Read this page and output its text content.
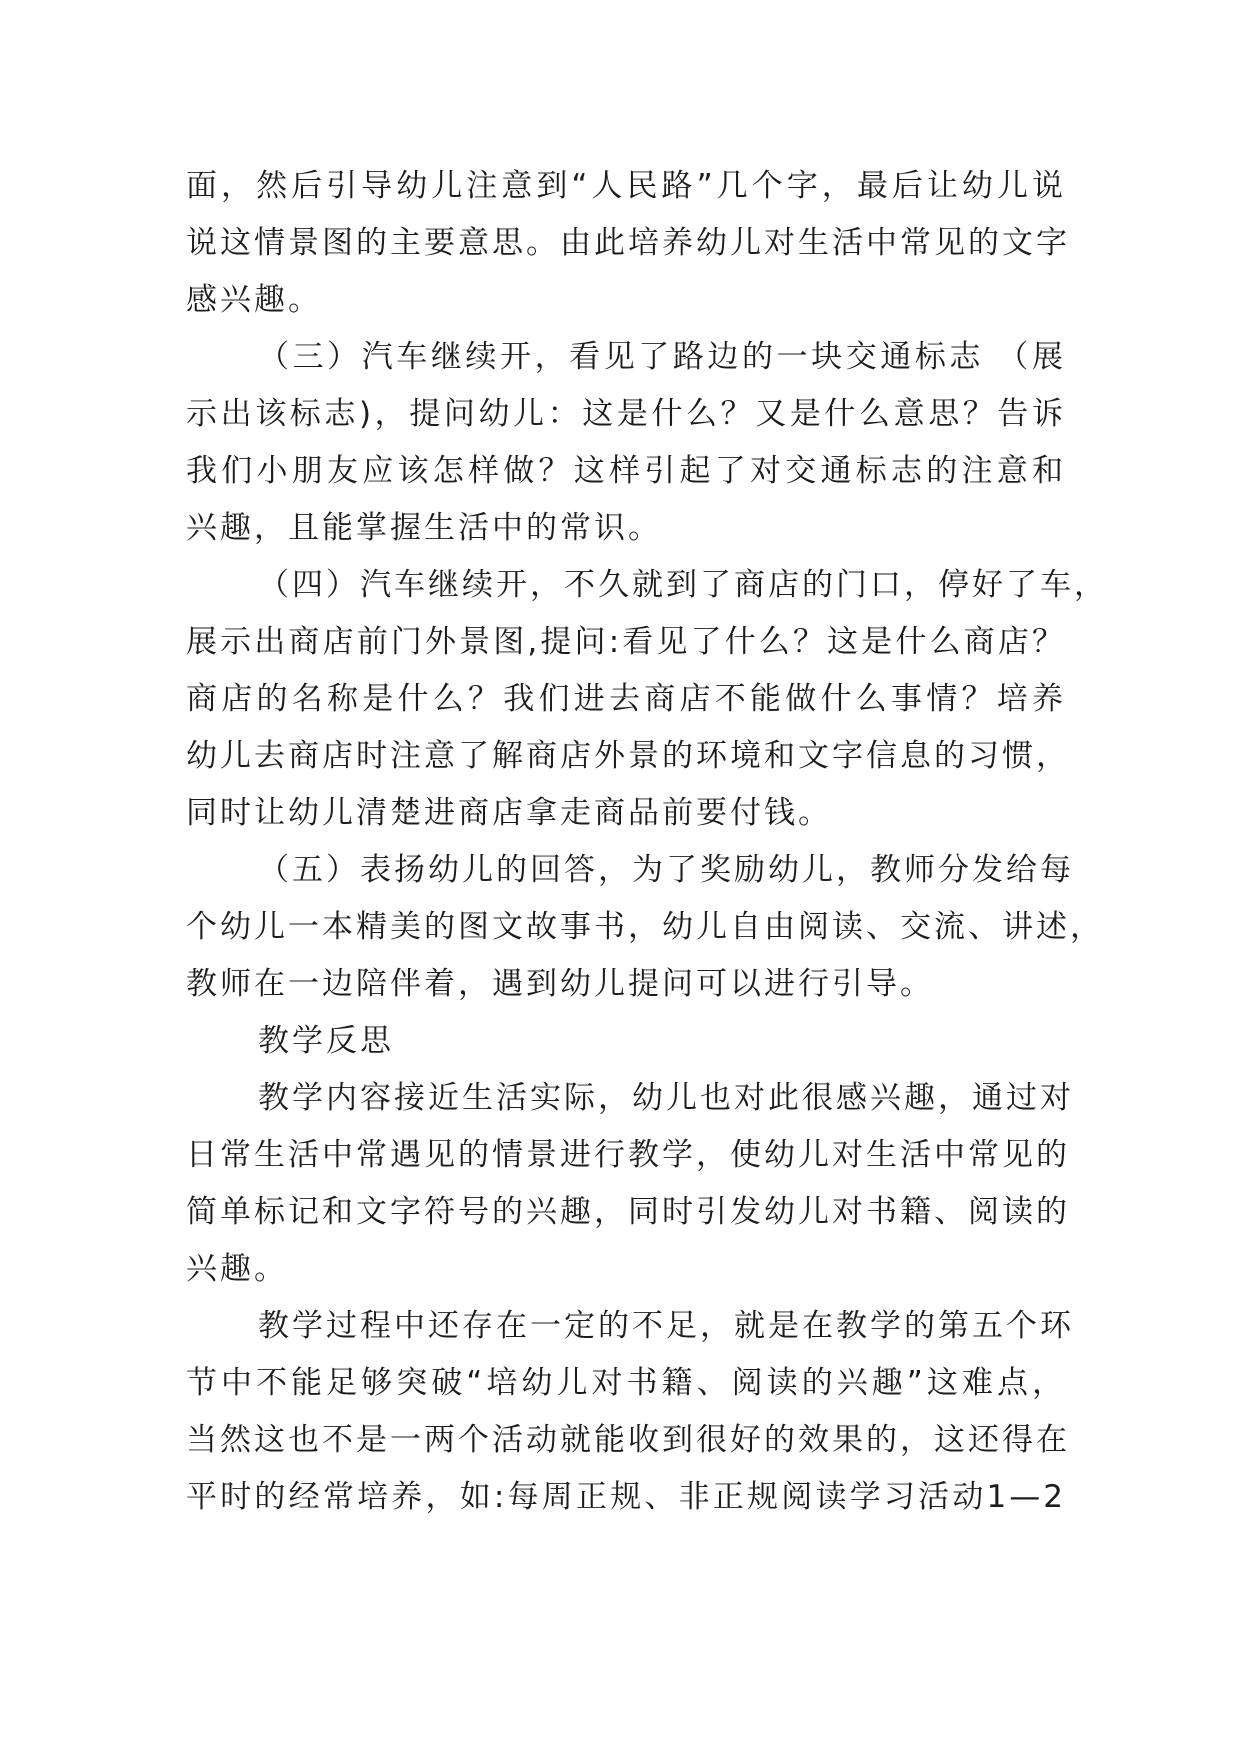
面，然后引导幼儿注意到“人民路”几个字，最后让幼儿说
说这情景图的主要意思。由此培养幼儿对生活中常见的文字
感兴趣。
（三）汽车继续开，看见了路边的一块交通标志 （展
示出该标志)，提问幼儿：这是什么？又是什么意思？告诉
我们小朋友应该怎样做？这样引起了对交通标志的注意和
兴趣，且能掌握生活中的常识。
（四）汽车继续开，不久就到了商店的门口，停好了车，
展示出商店前门外景图,提问:看见了什么？这是什么商店？
商店的名称是什么？我们进去商店不能做什么事情？培养
幼儿去商店时注意了解商店外景的环境和文字信息的习惯，
同时让幼儿清楚进商店拿走商品前要付钱。
（五）表扬幼儿的回答，为了奖励幼儿，教师分发给每
个幼儿一本精美的图文故事书，幼儿自由阅读、交流、讲述，
教师在一边陪伴着，遇到幼儿提问可以进行引导。
教学反思
教学内容接近生活实际，幼儿也对此很感兴趣，通过对
日常生活中常遇见的情景进行教学，使幼儿对生活中常见的
简单标记和文字符号的兴趣，同时引发幼儿对书籍、阅读的
兴趣。
教学过程中还存在一定的不足，就是在教学的第五个环
节中不能足够突破“培幼儿对书籍、阅读的兴趣”这难点，
当然这也不是一两个活动就能收到很好的效果的，这还得在
平时的经常培养，如:每周正规、非正规阅读学习活动1—2
